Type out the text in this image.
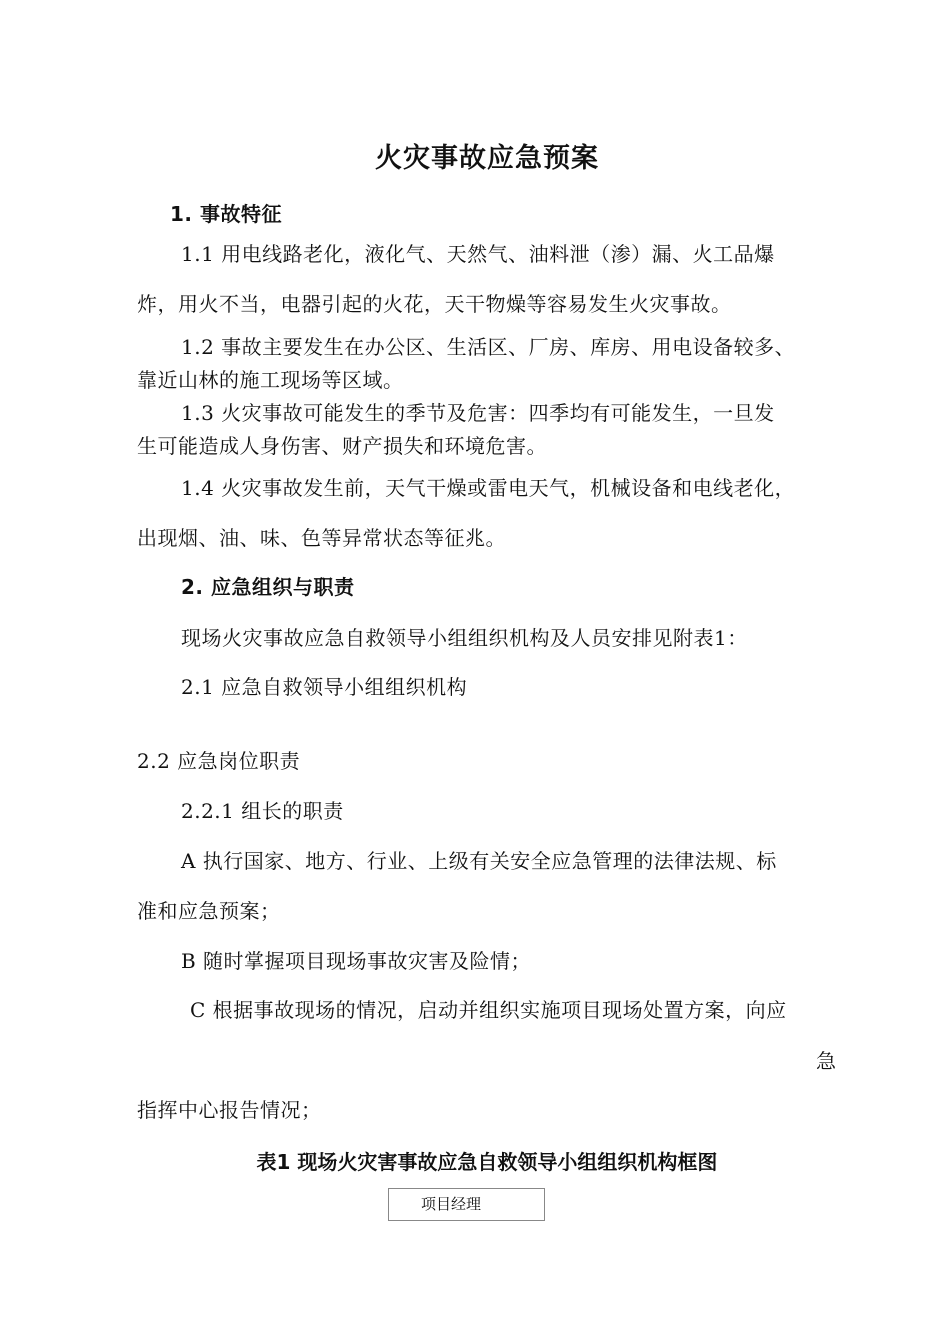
火灾事故应急预案
1. 事故特征
1.1 用电线路老化，液化气、天然气、油料泄（渗）漏、火工品爆
炸，用火不当，电器引起的火花，天干物燥等容易发生火灾事故。
1.2 事故主要发生在办公区、生活区、厂房、库房、用电设备较多、
靠近山林的施工现场等区域。
1.3 火灾事故可能发生的季节及危害：四季均有可能发生，一旦发
生可能造成人身伤害、财产损失和环境危害。
1.4 火灾事故发生前，天气干燥或雷电天气，机械设备和电线老化，
出现烟、油、味、色等异常状态等征兆。
2. 应急组织与职责
现场火灾事故应急自救领导小组组织机构及人员安排见附表1：
2.1 应急自救领导小组组织机构
2.2 应急岗位职责
2.2.1 组长的职责
A 执行国家、地方、行业、上级有关安全应急管理的法律法规、标
准和应急预案；
B 随时掌握项目现场事故灾害及险情；
C 根据事故现场的情况，启动并组织实施项目现场处置方案，向应
急
指挥中心报告情况；
表1 现场火灾害事故应急自救领导小组组织机构框图
项目经理
